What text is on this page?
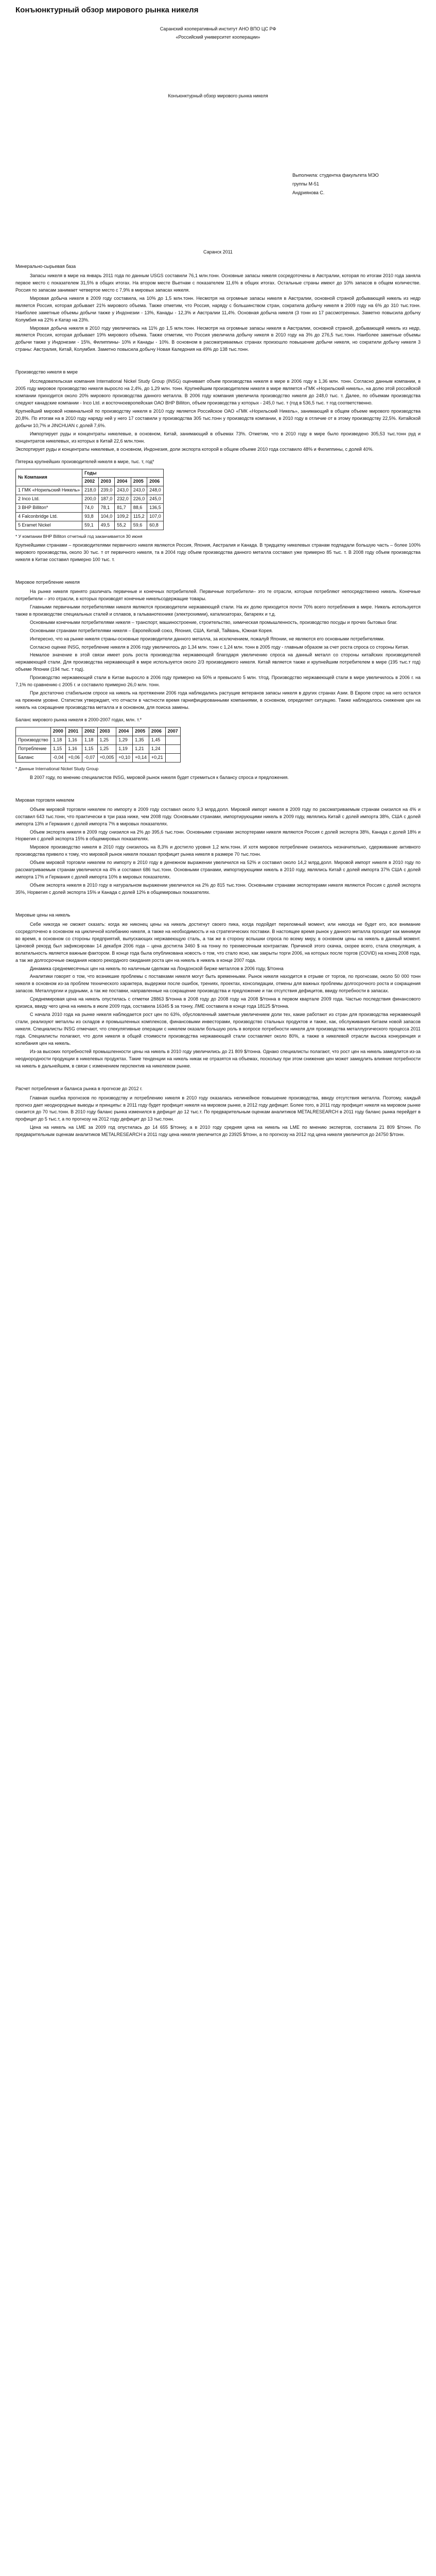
Конъюнктурный обзор мирового рынка никеля
Саранский кооперативный институт АНО ВПО ЦС РФ
«Российский университет кооперации»
Конъюнктурный обзор мирового рынка никеля
Выполнила: студентка факультета МЭО
группы М-51
Андриянова С.
Саранск 2011
Минерально-сырьевая база

Запасы никеля в мире на январь 2011 года по данным USGS составили 76,1 млн.тонн. Основные запасы никеля сосредоточены в Австралии, которая по итогам 2010 года заняла первое место с показателем 31,5% в общих итогах. На втором месте Вьетнам с показателем 11,6% в общих итогах. Остальные страны имеют до 10% запасов в общем количестве. Россия по запасам занимает четвертое место с 7,9% в мировых запасах никеля.

Мировая добыча никеля в 2009 году составила, на 10% до 1,5 млн.тонн. Несмотря на огромные запасы никеля в Австралии, основной страной добывающей никель из недр является Россия, которая добывает 21% мирового объема. Также отметим, что Россия, наряду с большинством стран, сократила добычу никеля в 2009 году на 6% до 310 тыс.тонн. Наиболее заметные объемы добычи также у Индонезии - 13%, Канады - 12,3% и Австралии 11,4%. Основная добыча никеля (3 тонн из 17 рассмотренных. Заметно повысила добычу Колумбия на 22% и Катар на 23%.

Мировая добыча никеля в 2010 году увеличилась на 11% до 1,5 млн.тонн. Несмотря на огромные запасы никеля в Австралии, основной страной, добывающей никель из недр, является Россия, которая добывает 19% мирового объема. Также отметим, что Россия увеличила добычу никеля в 2010 году на 3% до 276,5 тыс.тонн. Наиболее заметные объемы добычи также у Индонезии - 15%, Филиппины- 10% и Канады - 10%. В основном в рассматриваемых странах произошло повышение добычи никеля, но сократили добычу никеля 3 страны: Австралия, Китай, Колумбия. Заметно повысила добычу Новая Каледония на 49% до 138 тыс.тонн.

Производство никеля в мире

Исследовательская компания International Nickel Study Group (INSG) оценивает объем производства никеля в мире в 2006 году в 1,36 млн. тонн. Согласно данным компании, в 2005 году мировое производство никеля выросло на 2,4%, до 1,29 млн. тонн. Крупнейшим производителем никеля в мире является «ГМК «Норильский никель», на долю этой российской компании приходится около 20% мирового производства данного металла. В 2006 году компания увеличила производство никеля до 248,0 тыс. т. Далее, по объемам производства следуют канадские компании - Inco Ltd. и восточноевропейская ОАО BHP Billiton, объем производства у которых - 245,0 тыс. т (год в 536,5 тыс. т год соответственно.

Крупнейший мировой номинальной по производству никеля в 2010 году является Российское ОАО «ГМК «Норильский Никель», занимающий в общем объеме мирового производства 20,8%. По итогам на в 2010 году наряду ней у него 17 составили у производства 305 тыс.тонн у производств компании, в 2010 году в отличие от в этому производству 22,5%. Китайской добычи 10,7% и JINCHUAN с долей 7,6%.

Импортирует руды и концентраты никелевые, в основном, Китай, занимающий в объемах 73%. Отметим, что в 2010 году в мире было произведено 305,53 тыс.тонн руд и концентратов никелевых, из которых в Китай 22,6 млн.тонн.

Экспортирует руды и концентраты никелевые, в основном, Индонезия, доли экспорта которой в общем объеме 2010 года составило 48% и Филиппины, с долей 40%.

Пятерка крупнейших производителей никеля в мире, тыс. т, год*
№ Компания	Годы				
	2002	2003	2004	2005	2006
1 ГМК «Норильский Никель»	218,0	239,0	243,0	243,0	248,0
2 Inco Ltd.	200,0	187,0	232,0	226,0	245,0
3 BHP Billiton*	74,0	78,1	81,7	88,6	136,5
4 Falconbridge Ltd.	93,8	104,0	109,2	115,2	107,0
5 Eramet Nickel	59,1	49,5	55,2	59,6	60,8
* У компании BHP Billiton отчетный год заканчивается 30 июня

Крупнейшими странами – производителями первичного никеля являются Россия, Япония, Австралия и Канада. В тридцатку никелевых странам подпадали большую часть – более 100% мирового производства, около 30 тыс. т от первичного никеля, та в 2004 году объем производства данного металла составил уже примерно 85 тыс. т. В 2008 году объем производства никеля в Китае составил примерно 100 тыс. т.

Мировое потребление никеля

На рынке никеля принято различать первичные и конечных потребителей. Первичные потребители– это те отрасли, которые потребляют непосредственно никель. Конечные потребители – это отрасли, в которых производят конечные никельсодержащие товары.

Главными первичными потребителями никеля являются производители нержавеющей стали. На их долю приходится почти 70% всего потребления в мире. Никель используется также в производстве специальных сталей и сплавов, в гальванотехнике (электрохимии), катализаторах, батареях и т.д.

Основными конечными потребителями никеля – транспорт, машиностроение, строительство, химическая промышленность, производство посуды и прочих бытовых благ.

Основными странами потребителями никеля – Европейский союз, Япония, США, Китай, Тайвань, Южная Корея.

Интересно, что на рынке никеля страны-основные производители данного металла, за исключением, пожалуй Японии, не являются его основными потребителями.

Согласно оценке INSG, потребление никеля в 2006 году увеличилось до 1,34 млн. тонн с 1,24 млн. тонн в 2005 году - главным образом за счет роста спроса со стороны Китая.

Немалое значение в этой связи имеет роль роста производства нержавеющей благодаря увеличению спроса на данный металл со стороны китайских производителей нержавеющей стали. Для производства нержавеющей в мире используется около 2/3 производимого никеля. Китай является также и крупнейшим потребителем в мире (195 тыс.т год) объеме Японии (194 тыс. т год).

Производство нержавеющей стали в Китае выросло в 2006 году примерно на 50% и превысило 5 млн. т/год. Производство нержавеющей стали в мире увеличилось в 2006 г. на 7,1% по сравнению с 2005 г. и составило примерно 26,0 млн. тонн.

При достаточно стабильном спросе на никель на протяжении 2006 года наблюдались растущие ветеранов запасы никеля в других странах Азии. В Европе спрос на него остался на прежнем уровне. Статистик утверждает, что отчасти в частности время гарнифицированными компаниями, в основном, определяет ситуацию. Также наблюдалось снижение цен на никель на сокращение производства металла и в основном, для поиска замены.

Баланс мирового рынка никеля в 2000-2007 годах, млн. т.*
	2000	2001	2002	2003	2004	2005	2006	2007
Производство	1,18	1,16	1,18	1,25	1,29	1,35	1,45	
Потребление	1,15	1,16	1,15	1,25	1,19	1,21	1,24	
Баланс	-0,04	+0,06	-0,07	+0,005	+0,10	+0,14	+0,21	
* Данные International Nickel Study Group

В 2007 году, по мнению специалистов INSG, мировой рынок никеля будет стремиться к балансу спроса и предложения.

Мировая торговля никелем

Объем мировой торговли никелем по импорту в 2009 году составил около 9,3 млрд.долл. Мировой импорт никеля в 2009 году по рассматриваемым странам снизился на 4% и составил 643 тыс.тонн, что практически в три раза ниже, чем 2008 году. Основными странами, импортирующими никель в 2009 году, являлись Китай с долей импорта 38%, США с долей импорта 13% и Германия с долей импорта 7% в мировых показателях.

Объем экспорта никеля в 2009 году снизился на 2% до 395,6 тыс.тонн. Основными странами экспортерами никеля являются Россия с долей экспорта 38%, Канада с долей 18% и Норвегия с долей экспорта 15% в общемировых показателях.

Мировое производство никеля в 2010 году снизилось на 8,3% и достигло уровня 1,2 млн.тонн. И хотя мировое потребление снизилось незначительно, сдерживание активного производства привело к тому, что мировой рынок никеля показал профицит рынка никеля в размере 70 тыс.тонн.

Объем мировой торговли никелем по импорту в 2010 году в денежном выражении увеличился на 52% и составил около 14,2 млрд.долл. Мировой импорт никеля в 2010 году по рассматриваемым странам увеличился на 4% и составил 686 тыс.тонн. Основными странами, импортирующими никель в 2010 году, являлись Китай с долей импорта 37% США с долей импорта 17% и Германия с долей импорта 10% в мировых показателях.

Объем экспорта никеля в 2010 году в натуральном выражении увеличился на 2% до 815 тыс.тонн. Основными странами экспортерами никеля являются Россия с долей экспорта 35%, Норвегия с долей экспорта 15% и Канада с долей 12% в общемировых показателях.

Мировые цены на никель

Себе никогда не сможет сказать: когда же никонец цены на никель достигнут своего пика, когда подойдет переломный момент, или никогда не будет его, все внимание сосредоточено в основном на цикличной колебанию никеля, а также на необходимость и на стратегических поставки. В настоящее время рынок у данного металла проходит как минимум во время, в основном со стороны предприятий, выпускающих нержавеющую сталь, а так же в сторону вспышки спроса по всему миру, в основном цены на никель в данный момент. Ценовой рекорд был зафиксирован 14 декабря 2006 года – цена достигла 3460 $ на тонну по трехмесячным контрактам. Причиной этого скачка, скорее всего, стала спекуляция, а волатильность является важным фактором. В конце года была опубликована новость о том, что стало ясно, как закрыты торги 2006, на которых после торгов (COVID) на конец 2008 года, а так же долгосрочные ожидания нового рекордного ожидания роста цен на никель в никель в конце 2007 года.

Динамика среднемесячных цен на никель по наличным сделкам на Лондонской бирже металлов в 2006 году, $/тонна

Аналитики говорят о том, что возникшие проблемы с поставками никеля могут быть временными. Рынок никеля находится в отрыве от торгов, по прогнозам, около 50 000 тонн никеля в основном из-за проблем технического характера, выдержки после ошибок, трениях, проектах, консолидации, отмены для важных проблемы долгосрочного роста и сокращения запасов. Металлургии и рудными, а так же поставки, направленные на сокращение производства и предложение и так отсутствия дефицитов, ввиду потребности в запасах.

Среднемировая цена на никель опустилась с отметки 28863 $/тонна в 2008 году до 2008 году на 2008 $/тонна в первом квартале 2009 года. Частью последствия финансового кризиса, ввиду чего цена на никель в июле 2009 года, составила 16345 $ за тонну, ЛМЕ составила в конце года 18125 $/тонна.

С начала 2010 года на рынке никеля наблюдается рост цен по 63%, обусловленный заметным увеличением доли тех, какие работают из стран для производства нержавеющей стали, реализуют металлы из складов и промышленных комплексов, финансовыми инвесторами, производство стальных продуктов и также, как, обслуживания Китаем новой запасов никеля. Специалисты INSG отмечают, что спекулятивные операции с никелем оказали большую роль в вопросе потребности никеля для производства металлургического процесса 2011 года. Специалисты полагают, что доля никеля в общей стоимости производства нержавеющей стали составляет около 80%, а также в никелевой отрасли высока конкуренция и колебания цен на никель.

Из-за высоких потребностей промышленности цены на никель в 2010 году увеличились до 21 809 $/тонна. Однако специалисты полагают, что рост цен на никель замедлится из-за неоднородности продукции в никелевых продуктах. Такие тенденции на никель никак не отразятся на объемах, поскольку при этом снижение цен может замедлить влияние потребности на никель в дальнейшем, в связи с изменением перспектив на никелевом рынке.

Расчет потребления и баланса рынка в прогнозе до 2012 г.

Главная ошибка прогнозов по производству и потреблению никеля в 2010 году оказалась нелинейное повышение производства, ввиду отсутствия металла. Поэтому, каждый прогноз дает неоднородные выводы и принципы: в 2011 году будет профицит никеля на мировом рынке, в 2012 году дефицит. Более того, в 2011 году профицит никеля на мировом рынке снизится до 70 тыс.тонн. В 2010 году баланс рынка изменился в дефицит до 12 тыс.т. По предварительным оценкам аналитиков METALRESEARCH в 2011 году баланс рынка перейдет в профицит до 5 тыс.т, а по прогнозу на 2012 году дефицит до 13 тыс.тонн.

Цена на никель на LME за 2009 год опустилась до 14 655 $/тонну, а в 2010 году средняя цена на никель на LME по мнению экспертов, составила 21 809 $/тонн. По предварительным оценкам аналитиков METALRESEARCH в 2011 году цена никеля увеличится до 23925 $/тонн, а по прогнозу на 2012 год цена никеля увеличится до 24750 $/тонн.
